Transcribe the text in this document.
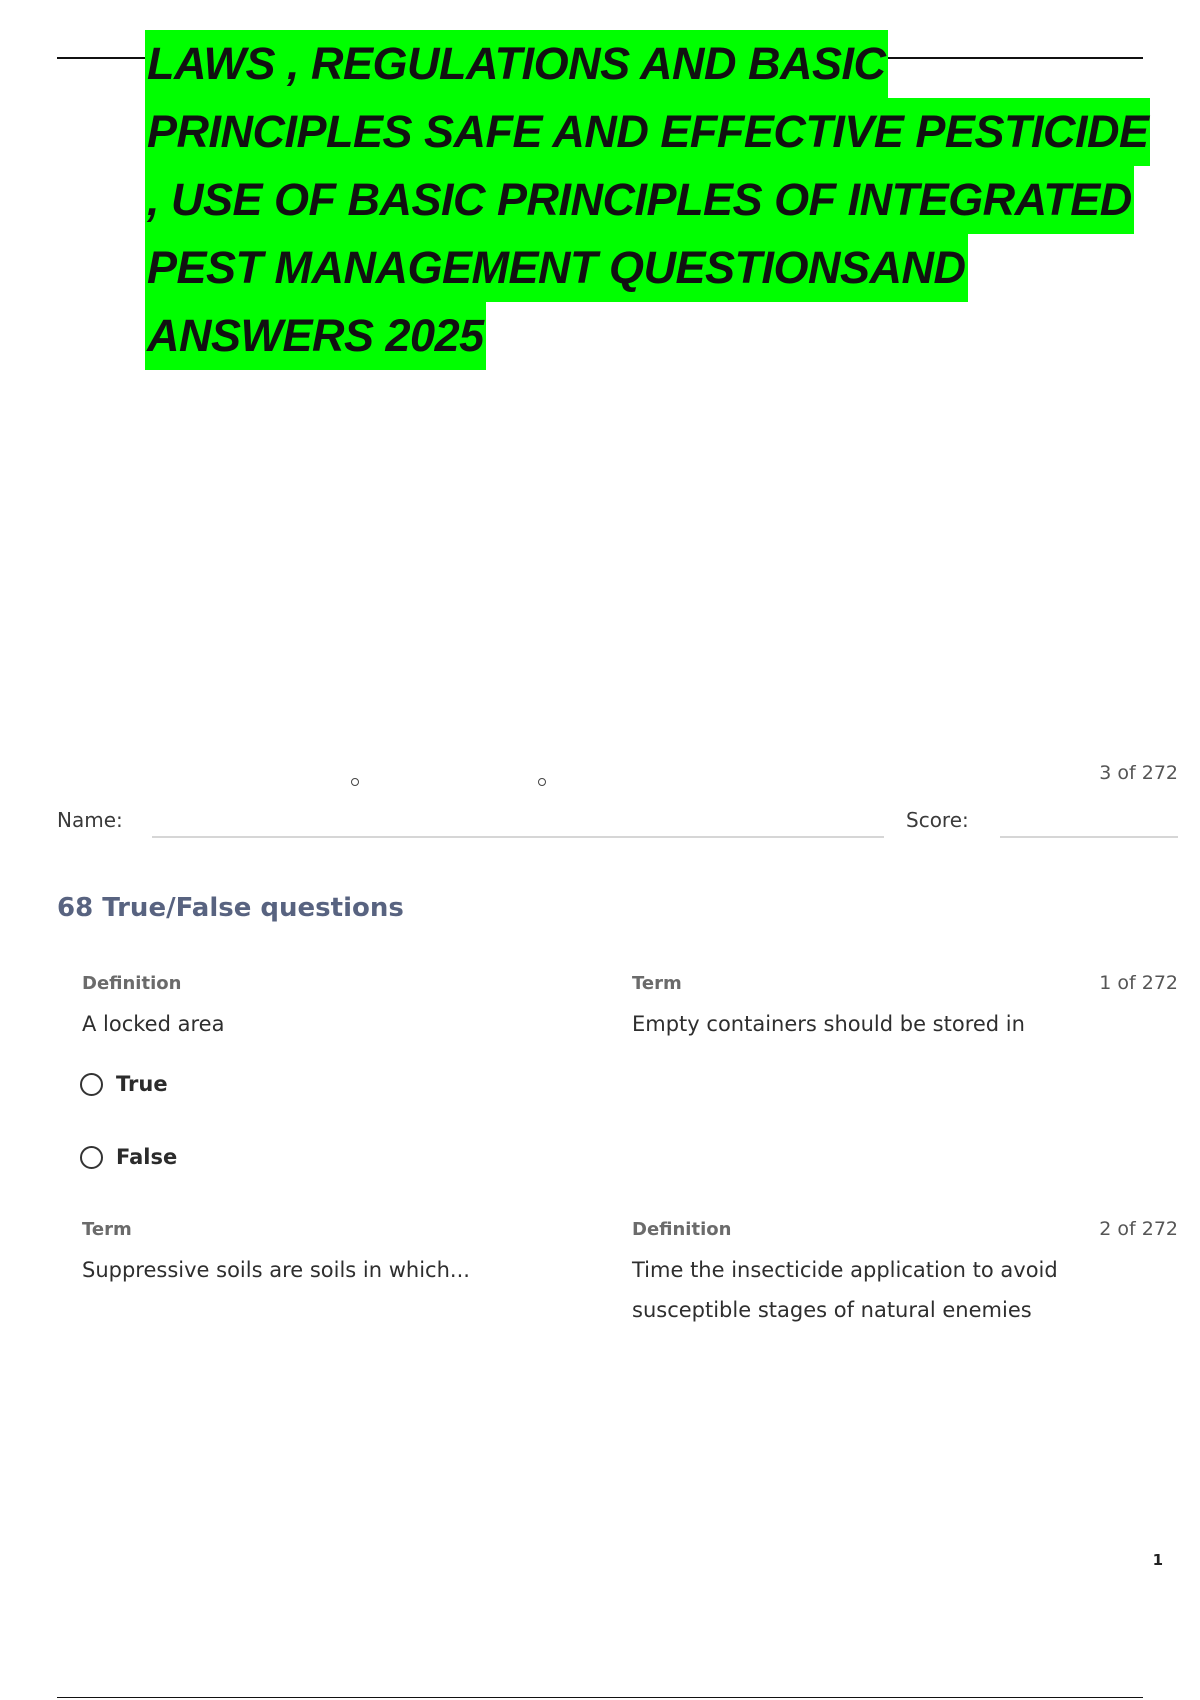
LAWS , REGULATIONS AND BASIC
PRINCIPLES SAFE AND EFFECTIVE PESTICIDE
, USE OF BASIC PRINCIPLES OF INTEGRATED
PEST MANAGEMENT QUESTIONSAND
ANSWERS 2025
3 of 272
Name:	Score:
68 True/False questions
Definition
A locked area
Term
Empty containers should be stored in
1 of 272
True
False
Term
Suppressive soils are soils in which...
Definition
Time the insecticide application to avoid susceptible stages of natural enemies
2 of 272
1
